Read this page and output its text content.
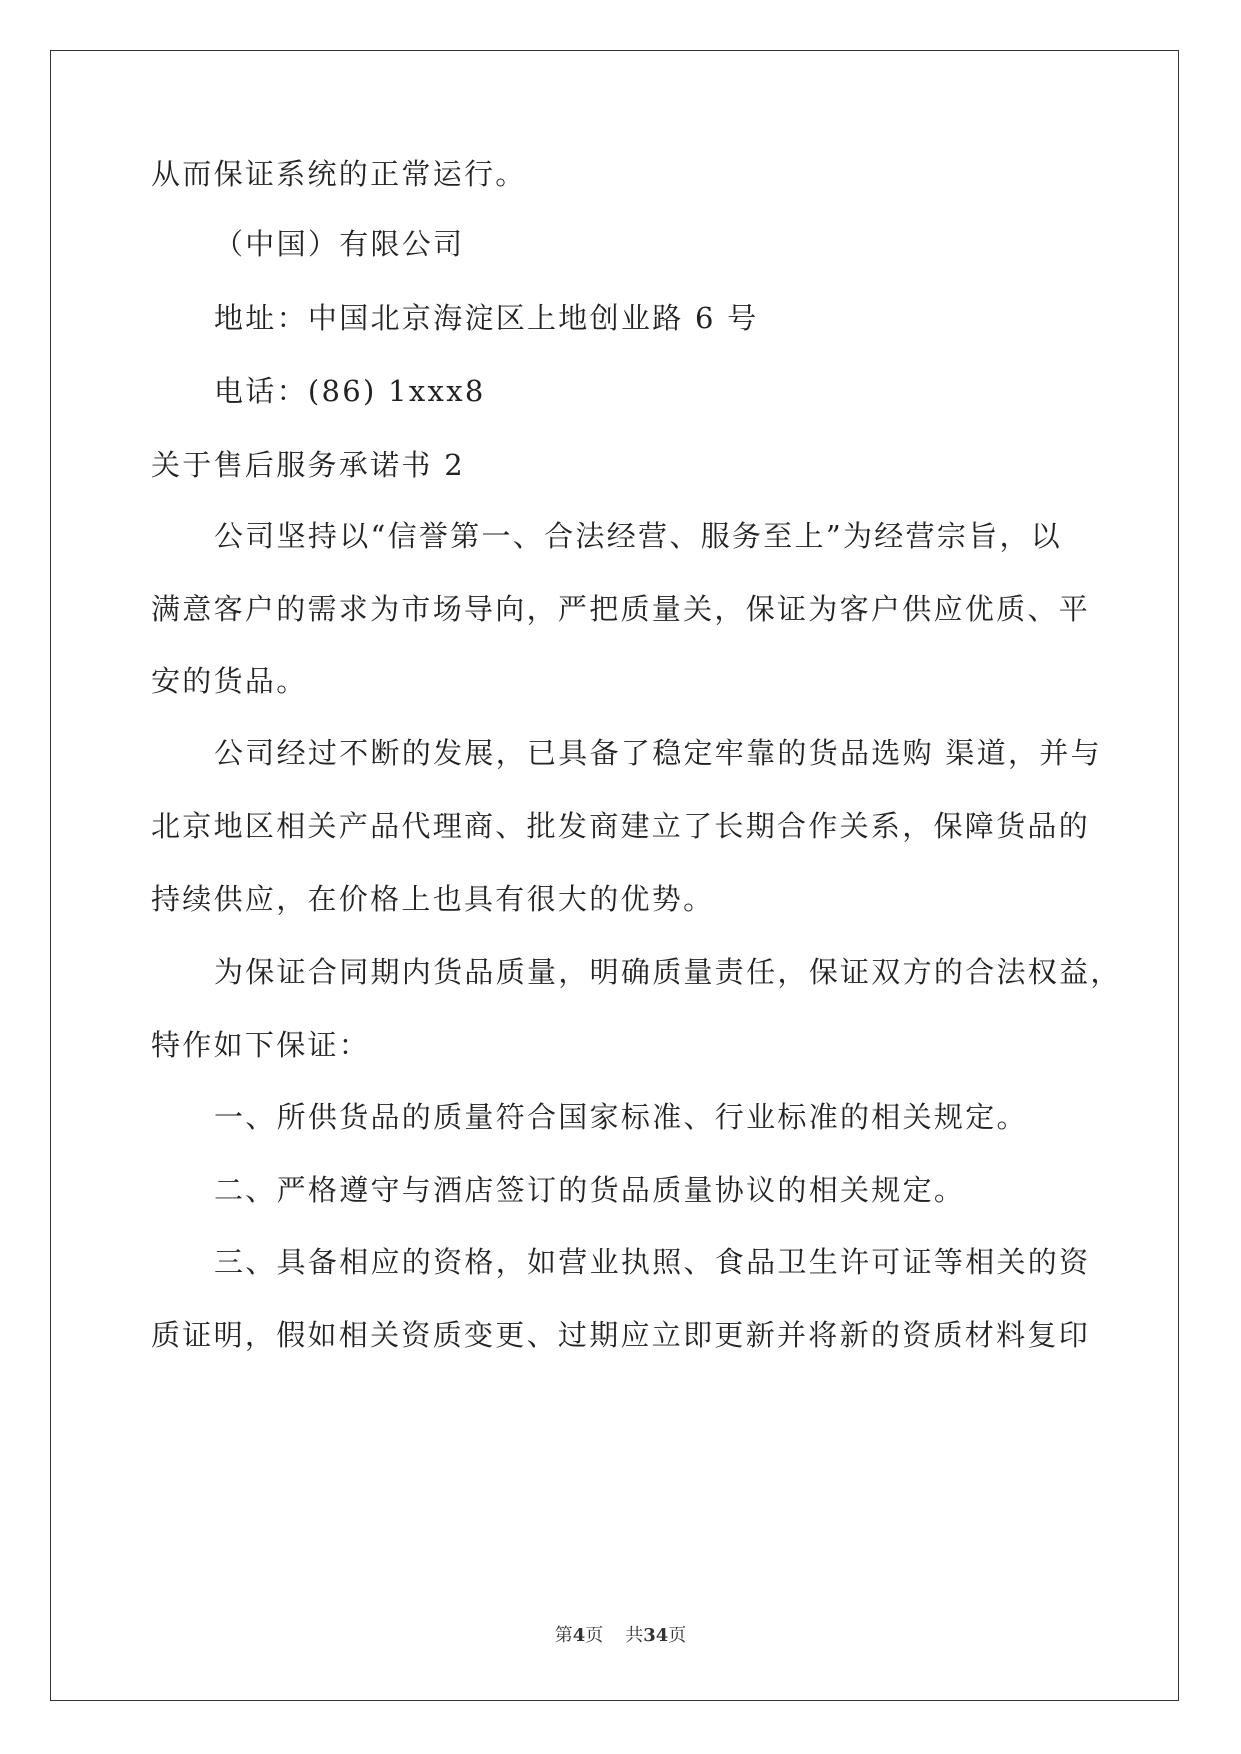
从而保证系统的正常运行。
（中国）有限公司
地址：中国北京海淀区上地创业路 6 号
电话：(86) 1xxx8
关于售后服务承诺书 2
公司坚持以“信誉第一、合法经营、服务至上”为经营宗旨，以
满意客户的需求为市场导向，严把质量关，保证为客户供应优质、平
安的货品。
公司经过不断的发展，已具备了稳定牢靠的货品选购 渠道，并与
北京地区相关产品代理商、批发商建立了长期合作关系，保障货品的
持续供应，在价格上也具有很大的优势。
为保证合同期内货品质量，明确质量责任，保证双方的合法权益，
特作如下保证：
一、所供货品的质量符合国家标准、行业标准的相关规定。
二、严格遵守与酒店签订的货品质量协议的相关规定。
三、具备相应的资格，如营业执照、食品卫生许可证等相关的资
质证明，假如相关资质变更、过期应立即更新并将新的资质材料复印
第4页 共34页
